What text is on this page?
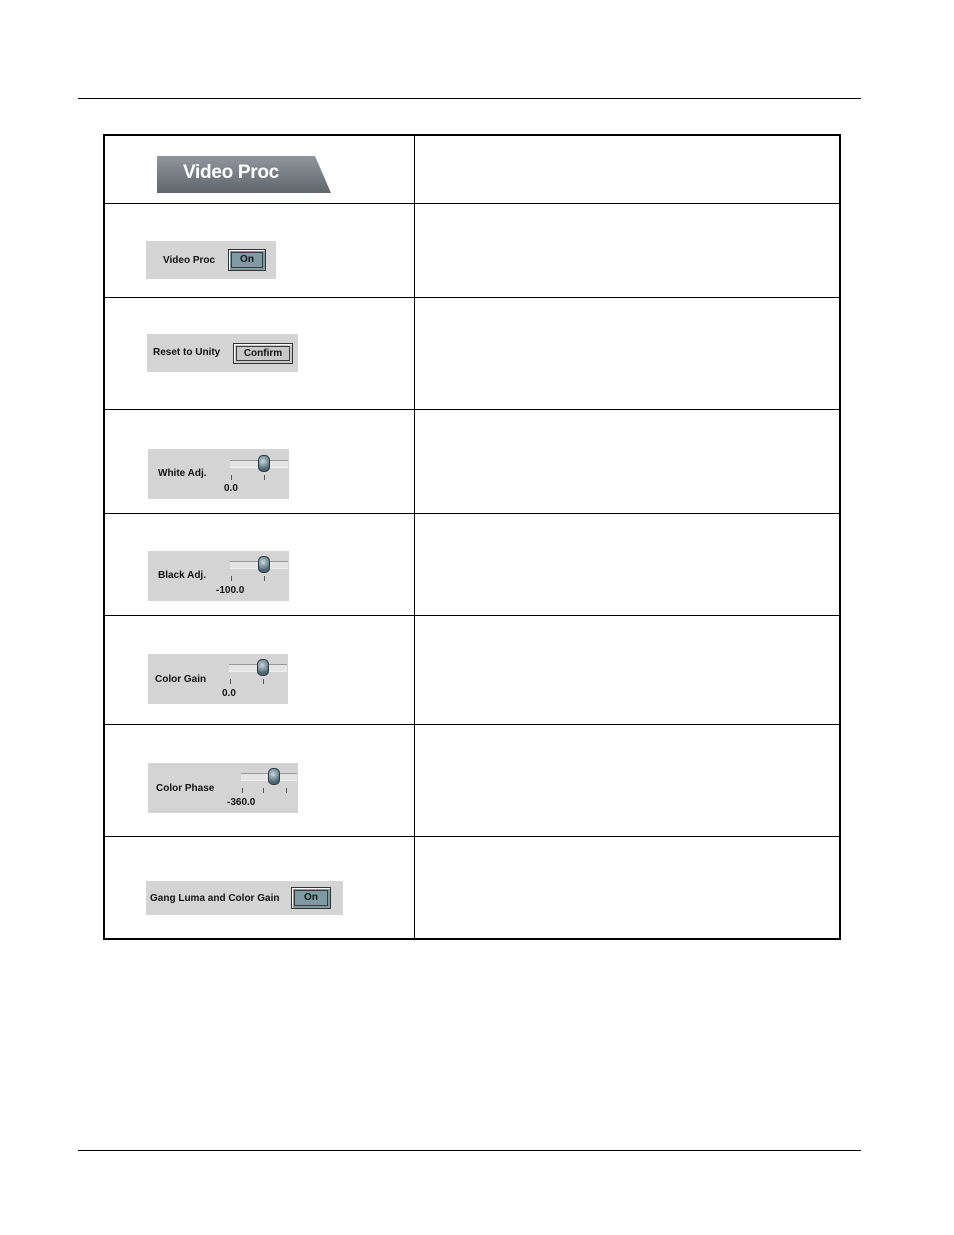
Video Proc
Video Proc	On
Reset to Unity	Confirm
White Adj.
0.0
Black Adj.
-100.0
Color Gain
0.0
Color Phase
-360.0
Gang Luma and Color Gain	On
